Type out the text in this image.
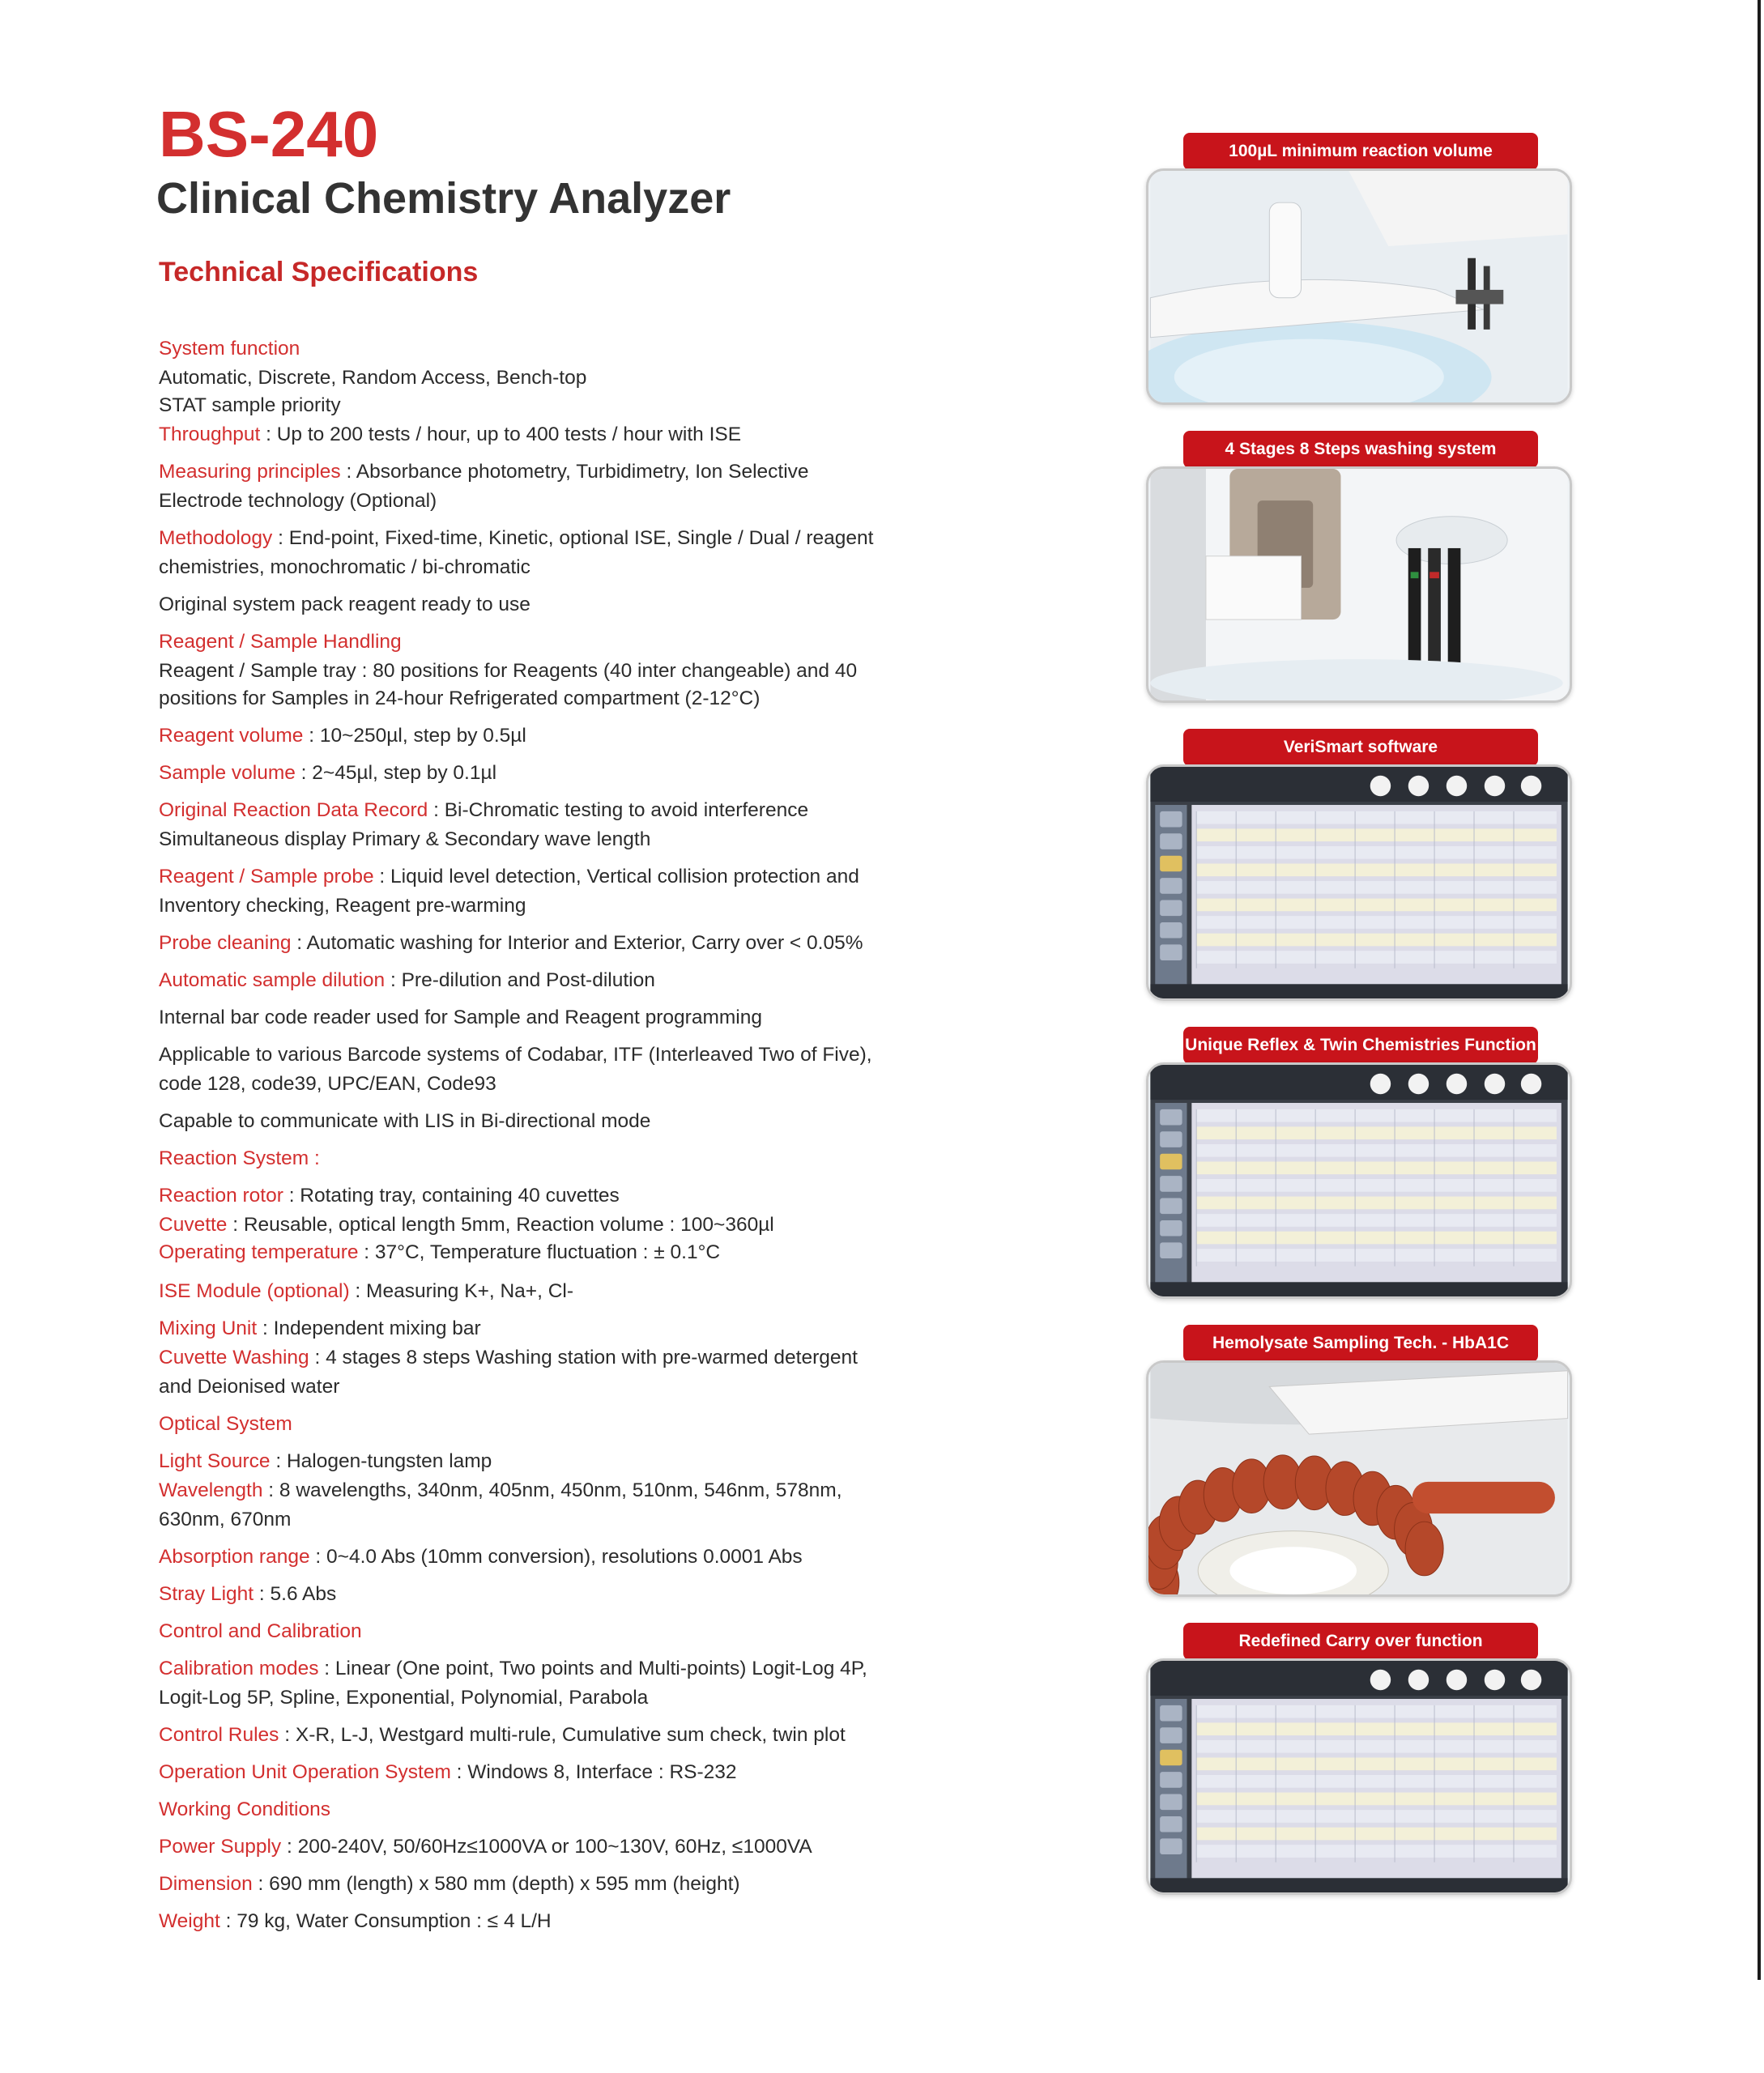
BS-240
Clinical Chemistry Analyzer
Technical Specifications
System function
Automatic, Discrete, Random Access, Bench-top
STAT sample priority
Throughput : Up to 200 tests / hour, up to 400 tests / hour with ISE
Measuring principles : Absorbance photometry, Turbidimetry, Ion Selective
Electrode technology (Optional)
Methodology : End-point, Fixed-time, Kinetic, optional ISE, Single / Dual / reagent
chemistries, monochromatic / bi-chromatic
Original system pack reagent ready to use
Reagent / Sample Handling
Reagent / Sample tray : 80 positions for Reagents (40 inter changeable) and 40
positions for Samples in 24-hour Refrigerated compartment (2-12°C)
Reagent volume : 10~250µl, step by 0.5µl
Sample volume : 2~45µl, step by 0.1µl
Original Reaction Data Record : Bi-Chromatic testing to avoid interference
Simultaneous display Primary & Secondary wave length
Reagent / Sample probe : Liquid level detection, Vertical collision protection and
Inventory checking, Reagent pre-warming
Probe cleaning : Automatic washing for Interior and Exterior, Carry over < 0.05%
Automatic sample dilution : Pre-dilution and Post-dilution
Internal bar code reader used for Sample and Reagent programming
Applicable to various Barcode systems of Codabar, ITF (Interleaved Two of Five),
code 128, code39, UPC/EAN, Code93
Capable to communicate with LIS in Bi-directional mode
Reaction System :
Reaction rotor : Rotating tray, containing 40 cuvettes
Cuvette : Reusable, optical length 5mm, Reaction volume : 100~360µl
Operating temperature : 37°C, Temperature fluctuation : ± 0.1°C
ISE Module (optional) : Measuring K+, Na+, Cl-
Mixing Unit : Independent mixing bar
Cuvette Washing : 4 stages 8 steps Washing station with pre-warmed detergent
and Deionised water
Optical System
Light Source : Halogen-tungsten lamp
Wavelength : 8 wavelengths, 340nm, 405nm, 450nm, 510nm, 546nm, 578nm,
630nm, 670nm
Absorption range : 0~4.0 Abs (10mm conversion), resolutions 0.0001 Abs
Stray Light : 5.6 Abs
Control and Calibration
Calibration modes : Linear (One point, Two points and Multi-points) Logit-Log 4P,
Logit-Log 5P, Spline, Exponential, Polynomial, Parabola
Control Rules : X-R, L-J, Westgard multi-rule, Cumulative sum check, twin plot
Operation Unit Operation System : Windows 8, Interface : RS-232
Working Conditions
Power Supply : 200-240V, 50/60Hz≤1000VA or 100~130V, 60Hz, ≤1000VA
Dimension : 690 mm (length) x 580 mm (depth) x 595 mm (height)
Weight : 79 kg, Water Consumption : ≤ 4 L/H
100µL minimum reaction volume
4 Stages 8 Steps washing system
VeriSmart software
Unique Reflex & Twin Chemistries Function
Hemolysate Sampling Tech. - HbA1C
Redefined Carry over function
